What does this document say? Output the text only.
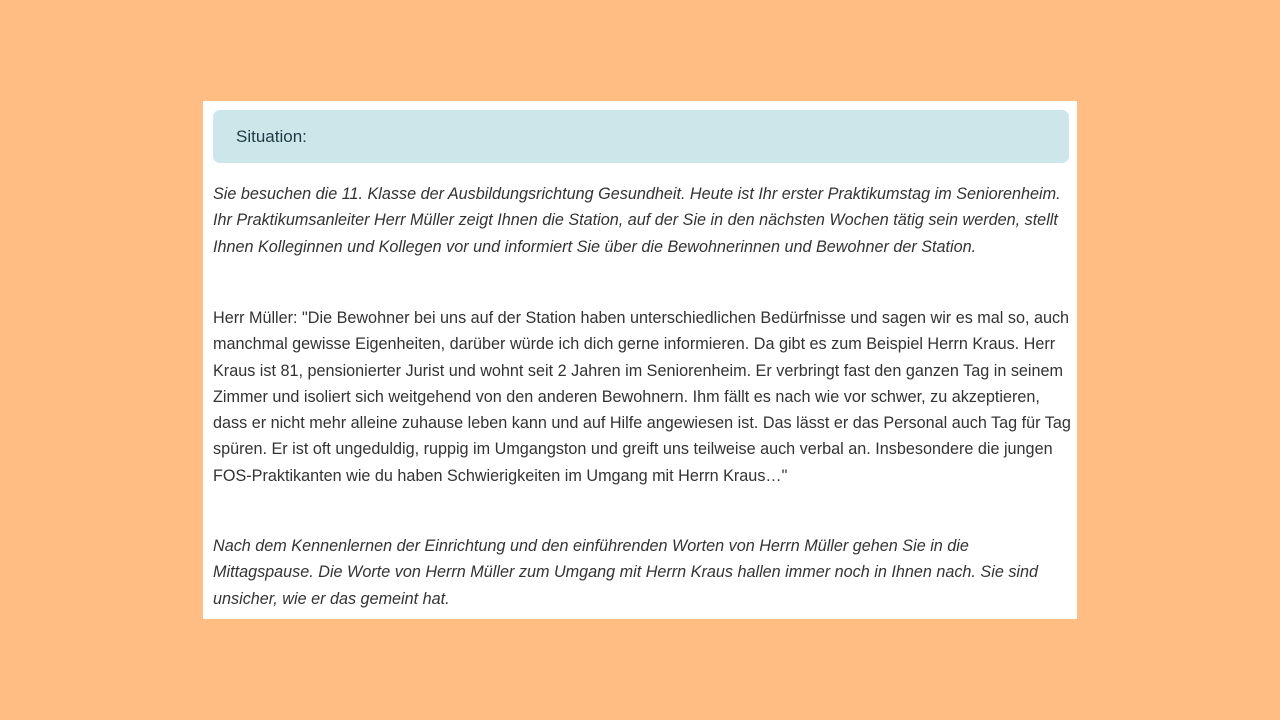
Situation:

Sie besuchen die 11. Klasse der Ausbildungsrichtung Gesundheit. Heute ist Ihr erster Praktikumstag im Seniorenheim. Ihr Praktikumsanleiter Herr Müller zeigt Ihnen die Station, auf der Sie in den nächsten Wochen tätig sein werden, stellt Ihnen Kolleginnen und Kollegen vor und informiert Sie über die Bewohnerinnen und Bewohner der Station.

Herr Müller: "Die Bewohner bei uns auf der Station haben unterschiedlichen Bedürfnisse und sagen wir es mal so, auch manchmal gewisse Eigenheiten, darüber würde ich dich gerne informieren. Da gibt es zum Beispiel Herrn Kraus. Herr Kraus ist 81, pensionierter Jurist und wohnt seit 2 Jahren im Seniorenheim. Er verbringt fast den ganzen Tag in seinem Zimmer und isoliert sich weitgehend von den anderen Bewohnern. Ihm fällt es nach wie vor schwer, zu akzeptieren, dass er nicht mehr alleine zuhause leben kann und auf Hilfe angewiesen ist. Das lässt er das Personal auch Tag für Tag spüren. Er ist oft ungeduldig, ruppig im Umgangston und greift uns teilweise auch verbal an. Insbesondere die jungen FOS-Praktikanten wie du haben Schwierigkeiten im Umgang mit Herrn Kraus…"

Nach dem Kennenlernen der Einrichtung und den einführenden Worten von Herrn Müller gehen Sie in die Mittagspause. Die Worte von Herrn Müller zum Umgang mit Herrn Kraus hallen immer noch in Ihnen nach. Sie sind unsicher, wie er das gemeint hat.
